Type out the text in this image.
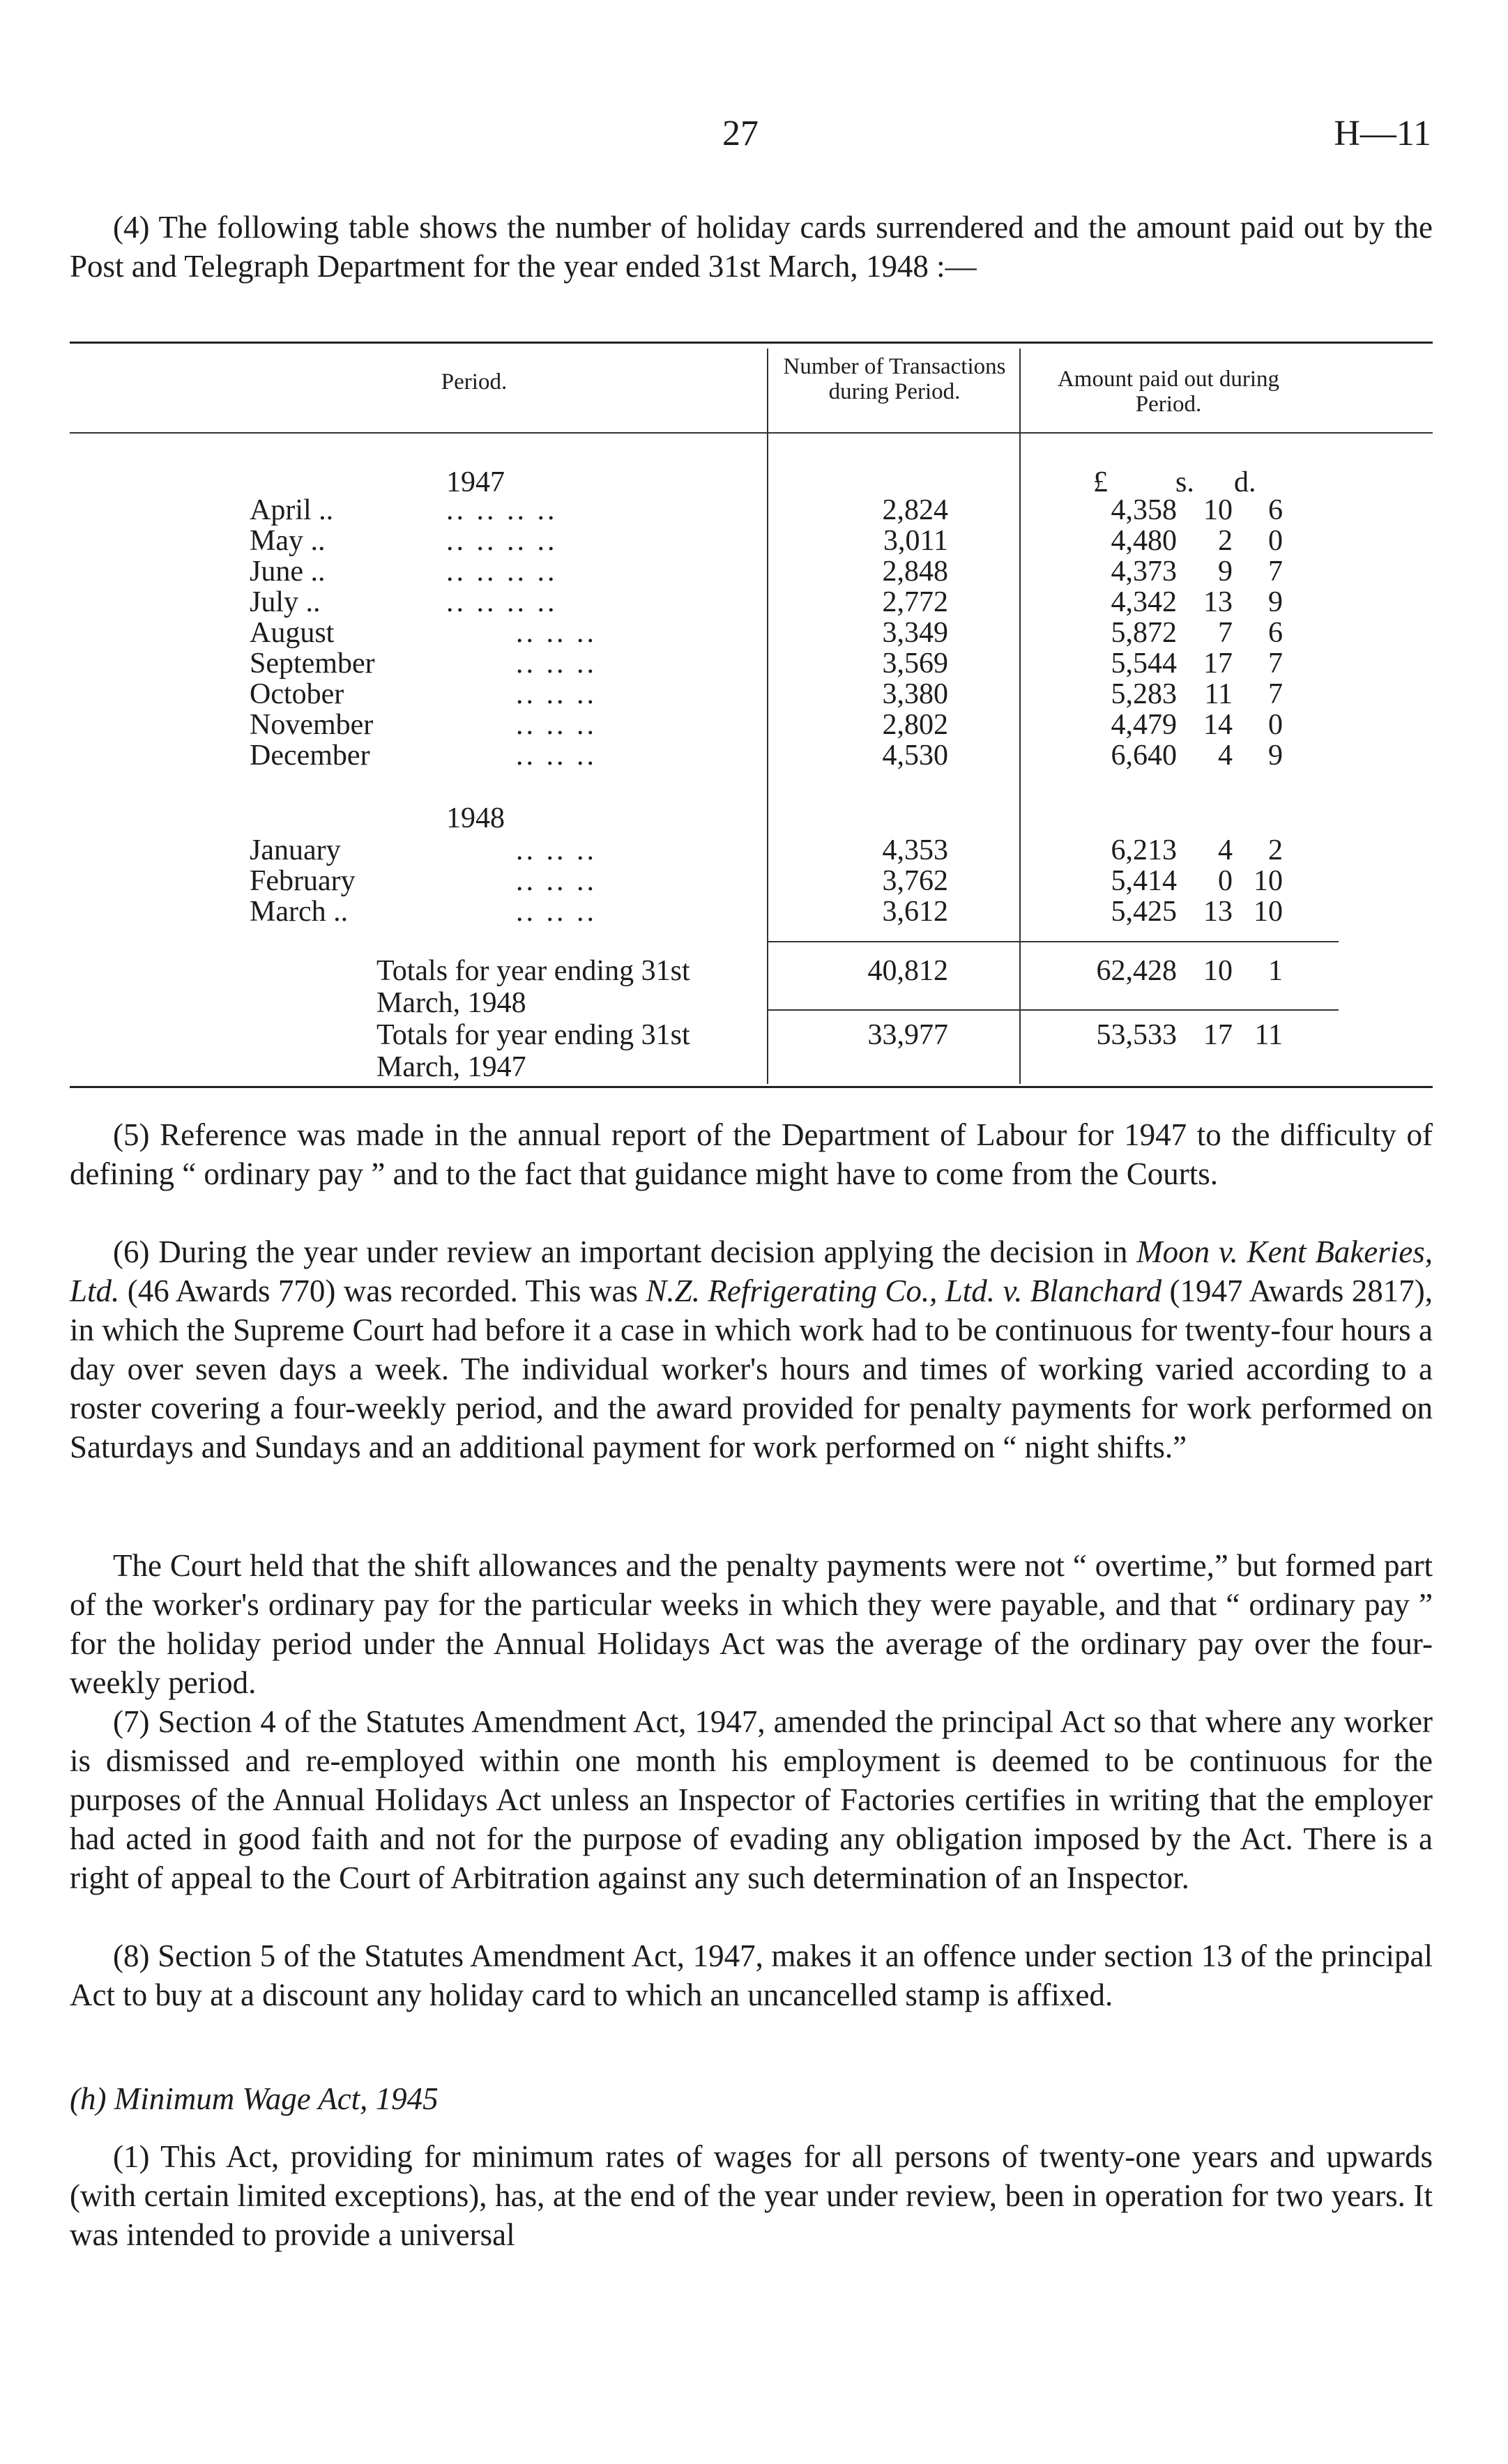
27	H—11

(4) The following table shows the number of holiday cards surrendered and the amount paid out by the Post and Telegraph Department for the year ended 31st March, 1948 :—

Period.
Number of Transactions during Period.	Amount paid out during Period.
1947	£ s. d.
April ..	.. .. .. ..	2,824	4,358 10 6
May ..	.. .. .. ..	3,011	4,480 2 0
June ..	.. .. .. ..	2,848	4,373 9 7
July ..	.. .. .. ..	2,772	4,342 13 9
August	.. .. ..	3,349	5,872 7 6
September	.. .. ..	3,569	5,544 17 7
October	.. .. ..	3,380	5,283 11 7
November	.. .. ..	2,802	4,479 14 0
December	.. .. ..	4,530	6,640 4 9
1948
January	.. .. ..	4,353	6,213 4 2
February	.. .. ..	3,762	5,414 0 10
March ..	.. .. ..	3,612	5,425 13 10
Totals for year ending 31st March, 1948
40,812	62,428 10 1
Totals for year ending 31st March, 1947
33,977	53,533 17 11

(5) Reference was made in the annual report of the Department of Labour for 1947 to the difficulty of defining “ ordinary pay ” and to the fact that guidance might have to come from the Courts.

(6) During the year under review an important decision applying the decision in Moon v. Kent Bakeries, Ltd. (46 Awards 770) was recorded. This was N.Z. Refrigerating Co., Ltd. v. Blanchard (1947 Awards 2817), in which the Supreme Court had before it a case in which work had to be continuous for twenty-four hours a day over seven days a week. The individual worker's hours and times of working varied according to a roster covering a four-weekly period, and the award provided for penalty payments for work performed on Saturdays and Sundays and an additional payment for work performed on “ night shifts.”

The Court held that the shift allowances and the penalty payments were not “ overtime,” but formed part of the worker's ordinary pay for the particular weeks in which they were payable, and that “ ordinary pay ” for the holiday period under the Annual Holidays Act was the average of the ordinary pay over the four-weekly period.

(7) Section 4 of the Statutes Amendment Act, 1947, amended the principal Act so that where any worker is dismissed and re-employed within one month his employment is deemed to be continuous for the purposes of the Annual Holidays Act unless an Inspector of Factories certifies in writing that the employer had acted in good faith and not for the purpose of evading any obligation imposed by the Act. There is a right of appeal to the Court of Arbitration against any such determination of an Inspector.

(8) Section 5 of the Statutes Amendment Act, 1947, makes it an offence under section 13 of the principal Act to buy at a discount any holiday card to which an uncancelled stamp is affixed.

(h) Minimum Wage Act, 1945

(1) This Act, providing for minimum rates of wages for all persons of twenty-one years and upwards (with certain limited exceptions), has, at the end of the year under review, been in operation for two years. It was intended to provide a universal
